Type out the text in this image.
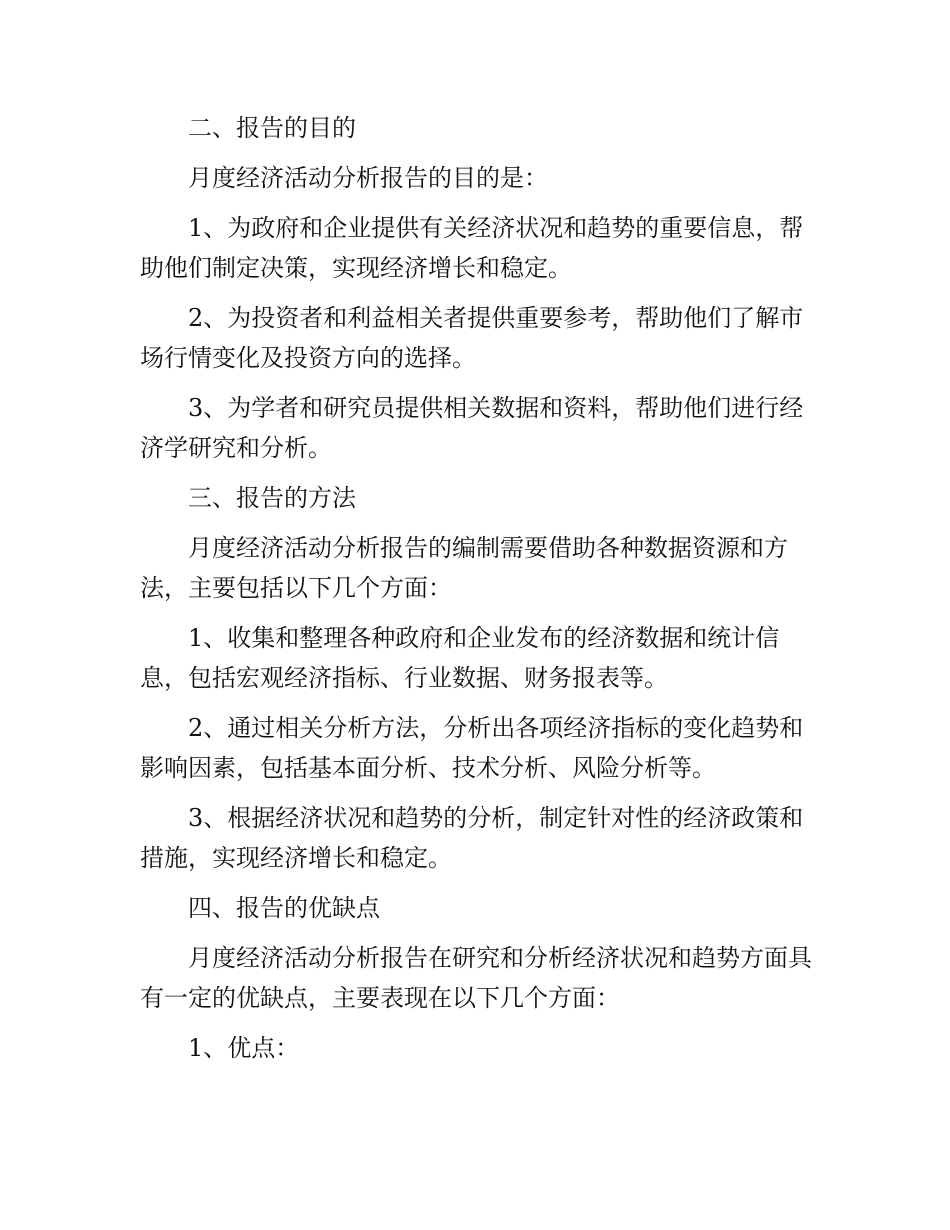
二、报告的目的

月度经济活动分析报告的目的是：

1、为政府和企业提供有关经济状况和趋势的重要信息，帮助他们制定决策，实现经济增长和稳定。

2、为投资者和利益相关者提供重要参考，帮助他们了解市场行情变化及投资方向的选择。

3、为学者和研究员提供相关数据和资料，帮助他们进行经济学研究和分析。

三、报告的方法

月度经济活动分析报告的编制需要借助各种数据资源和方法，主要包括以下几个方面：

1、收集和整理各种政府和企业发布的经济数据和统计信息，包括宏观经济指标、行业数据、财务报表等。

2、通过相关分析方法，分析出各项经济指标的变化趋势和影响因素，包括基本面分析、技术分析、风险分析等。

3、根据经济状况和趋势的分析，制定针对性的经济政策和措施，实现经济增长和稳定。

四、报告的优缺点

月度经济活动分析报告在研究和分析经济状况和趋势方面具有一定的优缺点，主要表现在以下几个方面：

1、优点：
